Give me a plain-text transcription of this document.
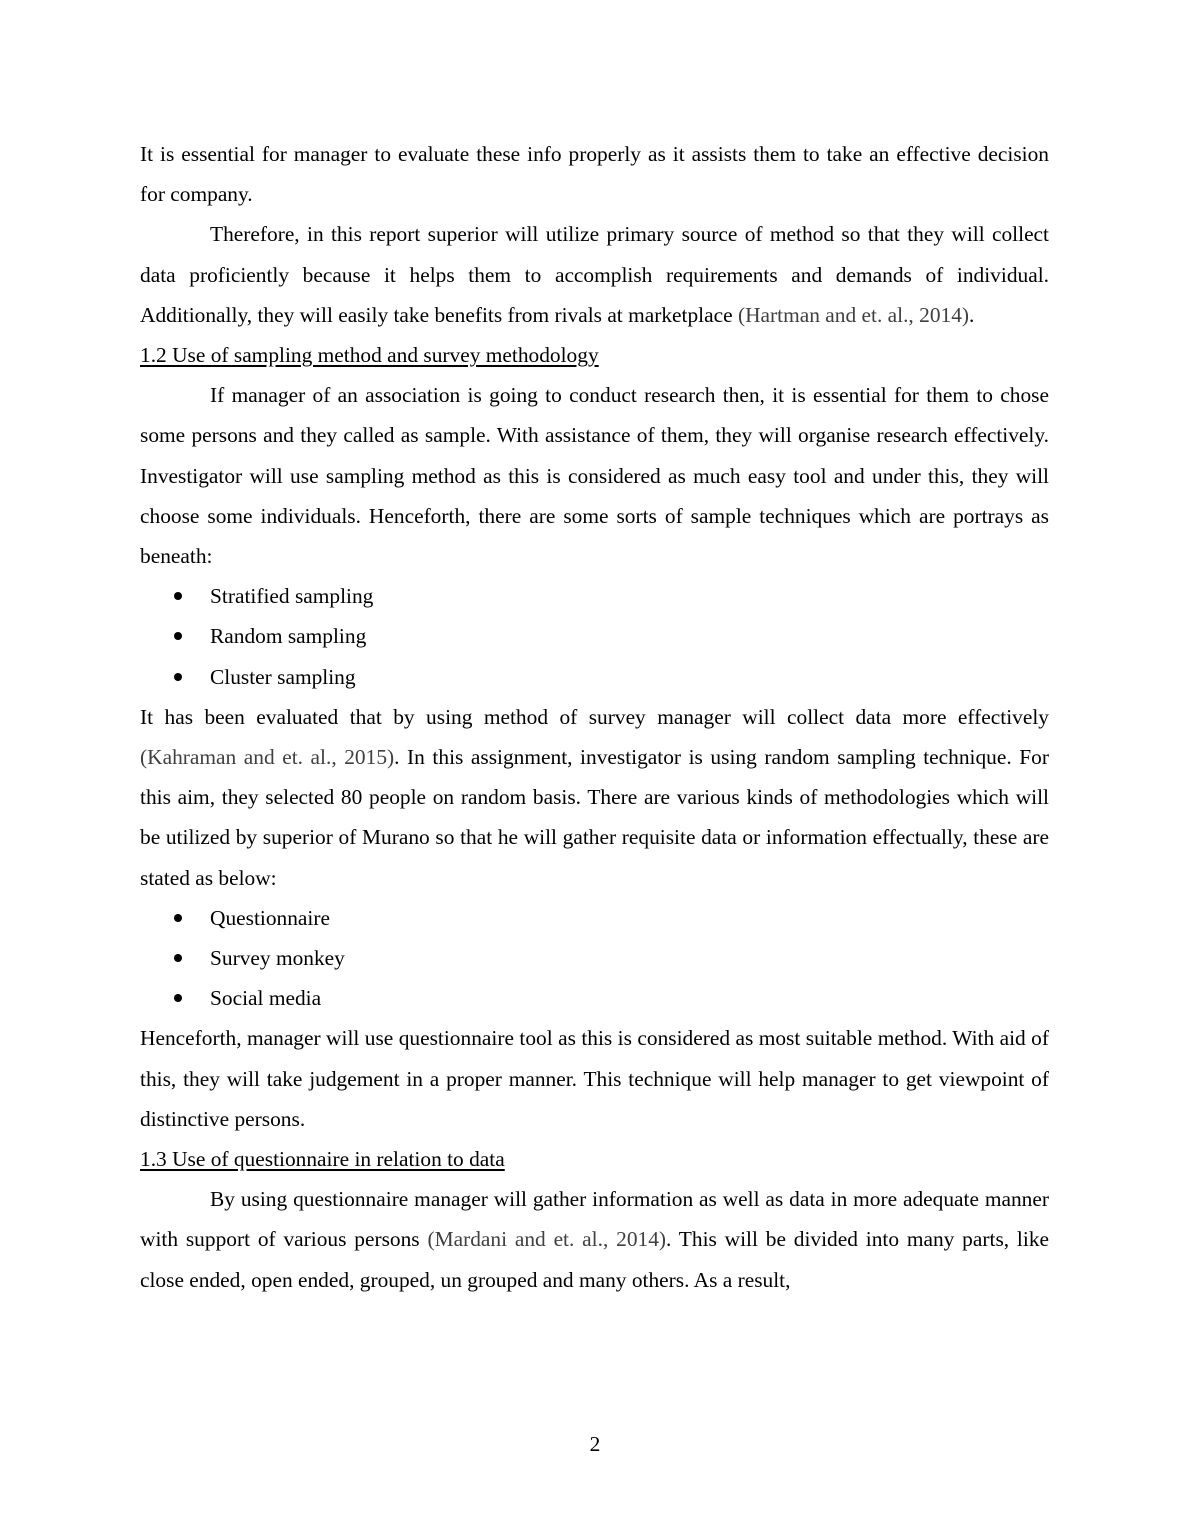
It is essential for manager to evaluate these info properly as it assists them to take an effective decision for company.

Therefore, in this report superior will utilize primary source of method so that they will collect data proficiently because it helps them to accomplish requirements and demands of individual. Additionally, they will easily take benefits from rivals at marketplace (Hartman and et. al., 2014).

1.2 Use of sampling method and survey methodology

If manager of an association is going to conduct research then, it is essential for them to chose some persons and they called as sample. With assistance of them, they will organise research effectively. Investigator will use sampling method as this is considered as much easy tool and under this, they will choose some individuals. Henceforth, there are some sorts of sample techniques which are portrays as beneath:

Stratified sampling
Random sampling
Cluster sampling

It has been evaluated that by using method of survey manager will collect data more effectively (Kahraman and et. al., 2015). In this assignment, investigator is using random sampling technique. For this aim, they selected 80 people on random basis. There are various kinds of methodologies which will be utilized by superior of Murano so that he will gather requisite data or information effectually, these are stated as below:

Questionnaire
Survey monkey
Social media

Henceforth, manager will use questionnaire tool as this is considered as most suitable method. With aid of this, they will take judgement in a proper manner. This technique will help manager to get viewpoint of distinctive persons.

1.3 Use of questionnaire in relation to data

By using questionnaire manager will gather information as well as data in more adequate manner with support of various persons (Mardani and et. al., 2014). This will be divided into many parts, like close ended, open ended, grouped, un grouped and many others. As a result,

2
